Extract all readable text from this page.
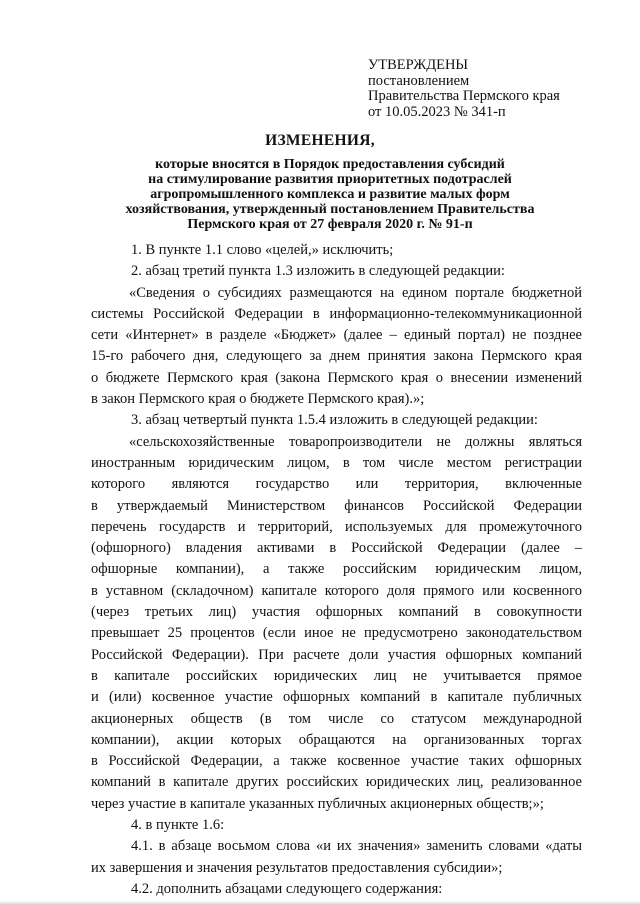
УТВЕРЖДЕНЫ
постановлением
Правительства Пермского края
от 10.05.2023 № 341-п
ИЗМЕНЕНИЯ,
которые вносятся в Порядок предоставления субсидий
на стимулирование развития приоритетных подотраслей
агропромышленного комплекса и развитие малых форм
хозяйствования, утвержденный постановлением Правительства
Пермского края от 27 февраля 2020 г. № 91-п
1. В пункте 1.1 слово «целей,» исключить;
2. абзац третий пункта 1.3 изложить в следующей редакции:
«Сведения о субсидиях размещаются на едином портале бюджетной
системы Российской Федерации в информационно-телекоммуникационной
сети «Интернет» в разделе «Бюджет» (далее – единый портал) не позднее
15-го рабочего дня, следующего за днем принятия закона Пермского края
о бюджете Пермского края (закона Пермского края о внесении изменений
в закон Пермского края о бюджете Пермского края).»;
3. абзац четвертый пункта 1.5.4 изложить в следующей редакции:
«сельскохозяйственные товаропроизводители не должны являться
иностранным юридическим лицом, в том числе местом регистрации
которого являются государство или территория, включенные
в утверждаемый Министерством финансов Российской Федерации
перечень государств и территорий, используемых для промежуточного
(офшорного) владения активами в Российской Федерации (далее –
офшорные компании), а также российским юридическим лицом,
в уставном (складочном) капитале которого доля прямого или косвенного
(через третьих лиц) участия офшорных компаний в совокупности
превышает 25 процентов (если иное не предусмотрено законодательством
Российской Федерации). При расчете доли участия офшорных компаний
в капитале российских юридических лиц не учитывается прямое
и (или) косвенное участие офшорных компаний в капитале публичных
акционерных обществ (в том числе со статусом международной
компании), акции которых обращаются на организованных торгах
в Российской Федерации, а также косвенное участие таких офшорных
компаний в капитале других российских юридических лиц, реализованное
через участие в капитале указанных публичных акционерных обществ;»;
4. в пункте 1.6:
4.1. в абзаце восьмом слова «и их значения» заменить словами «даты
их завершения и значения результатов предоставления субсидии»;
4.2. дополнить абзацами следующего содержания:
